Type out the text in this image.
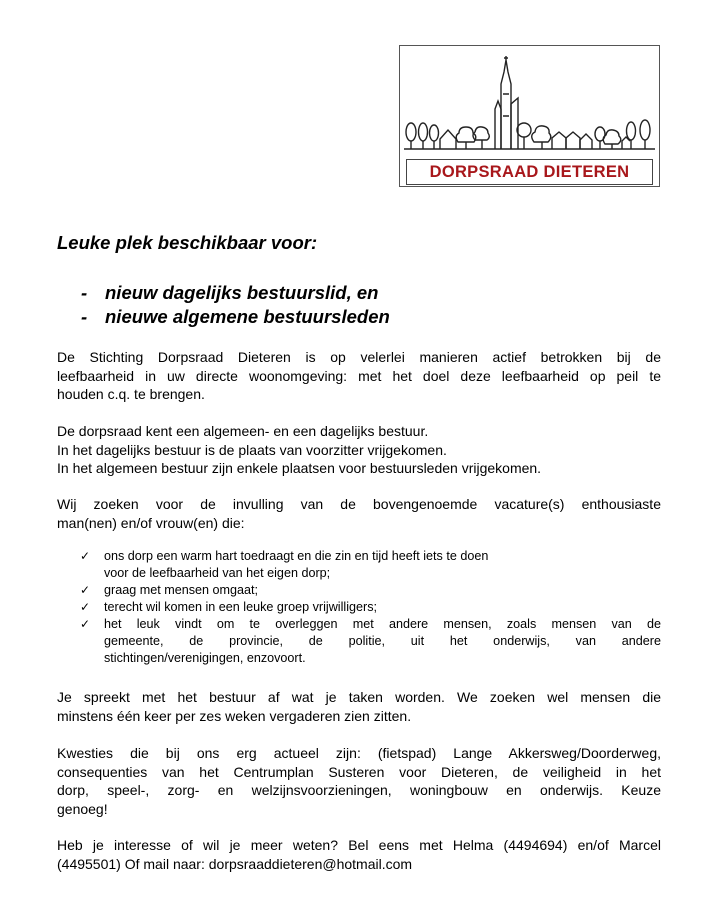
DORPSRAAD DIETEREN
Leuke plek beschikbaar voor:
- nieuw dagelijks bestuurslid, en
- nieuwe algemene bestuursleden
De Stichting Dorpsraad Dieteren is op velerlei manieren actief betrokken bij de
leefbaarheid in uw directe woonomgeving: met het doel deze leefbaarheid op peil te
houden c.q. te brengen.
De dorpsraad kent een algemeen- en een dagelijks bestuur.
In het dagelijks bestuur is de plaats van voorzitter vrijgekomen.
In het algemeen bestuur zijn enkele plaatsen voor bestuursleden vrijgekomen.
Wij zoeken voor de invulling van de bovengenoemde vacature(s) enthousiaste
man(nen) en/of vrouw(en) die:
✓ ons dorp een warm hart toedraagt en die zin en tijd heeft iets te doen
voor de leefbaarheid van het eigen dorp;
✓ graag met mensen omgaat;
✓ terecht wil komen in een leuke groep vrijwilligers;
✓ het leuk vindt om te overleggen met andere mensen, zoals mensen van de
gemeente, de provincie, de politie, uit het onderwijs, van andere
stichtingen/verenigingen, enzovoort.
Je spreekt met het bestuur af wat je taken worden. We zoeken wel mensen die
minstens één keer per zes weken vergaderen zien zitten.
Kwesties die bij ons erg actueel zijn: (fietspad) Lange Akkersweg/Doorderweg,
consequenties van het Centrumplan Susteren voor Dieteren, de veiligheid in het
dorp, speel-, zorg- en welzijnsvoorzieningen, woningbouw en onderwijs. Keuze
genoeg!
Heb je interesse of wil je meer weten? Bel eens met Helma (4494694) en/of Marcel
(4495501) Of mail naar: dorpsraaddieteren@hotmail.com
